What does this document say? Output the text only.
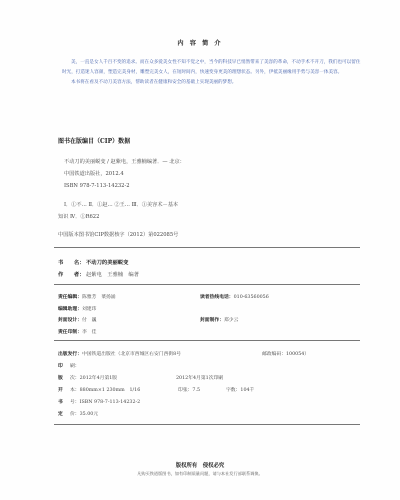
内 容 简 介

美，一直是女人千百不变的追求。而在众多爱美女性不知不觉之中，当今的科技早已悄然带来了美容的革命，不动手术不开刀，我们也可以留住时光，打造迷人容颜，塑造完美身材，雕塑完美女人，在短时间内，快速变身更美的理想状态。另外，伊抵美丽缘用手势与美容一体美容。

本书将在看及不动刀美容方法，帮助读者在健康和安全的基础上实现美丽的梦想。

图书在版编目（CIP）数据
不动刀的美丽蜕变 / 赵紫电，王雅楠编著．— 北京：
中国铁道出版社，2012.4
ISBN 978-7-113-14232-2
Ⅰ．①不… Ⅱ．①赵… ②王… Ⅲ．①美容术－基本
知识 Ⅳ．①R622
中国版本图书馆CIP数据核字（2012）第022085号
书　　名： 不动刀的美丽蜕变
作　　者： 赵紫电　王雅楠　编著
责任编辑：陈雅芳　菜扬涌	读者热线电话：010-63560056
编辑助理：刘建玮
封面设计：付　巍	封面制作：郑少云
责任印制：李　佳
出版发行：中国铁道出版社（北京市西城区右安门西街8号	邮政编码：100054）
印 刷：
版 次：2012年4月第1版	2012年4月第1次印刷
开 本：880mm×1 230mm　1/16	印张：7.5	字数：104千
书 号：ISBN 978-7-113-14232-2
定 价：35.00元
版权所有　侵权必究
凡购买铁道版图书，如有印制质量问题，请与本社发行部联系调换。
